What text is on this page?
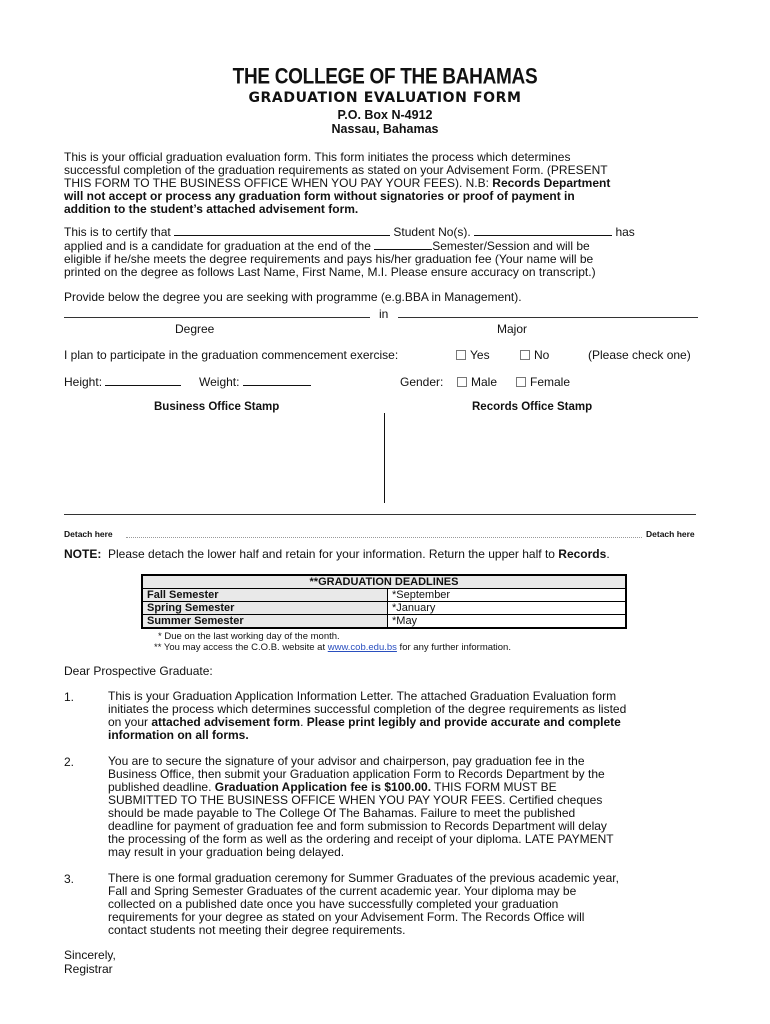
THE COLLEGE OF THE BAHAMAS
GRADUATION EVALUATION FORM
P.O. Box N-4912
Nassau, Bahamas
This is your official graduation evaluation form. This form initiates the process which determines
successful completion of the graduation requirements as stated on your Advisement Form. (PRESENT
THIS FORM TO THE BUSINESS OFFICE WHEN YOU PAY YOUR FEES). N.B: Records Department
will not accept or process any graduation form without signatories or proof of payment in
addition to the student’s attached advisement form.
This is to certify that	Student No(s).	has
applied and is a candidate for graduation at the end of the	Semester/Session and will be
eligible if he/she meets the degree requirements and pays his/her graduation fee (Your name will be
printed on the degree as follows Last Name, First Name, M.I. Please ensure accuracy on transcript.)
Provide below the degree you are seeking with programme (e.g.BBA in Management).
in
Degree	Major
I plan to participate in the graduation commencement exercise:	Yes	No	(Please check one)
Height:	Weight:	Gender:	Male	Female
Business Office Stamp	Records Office Stamp
Detach here	Detach here
NOTE: Please detach the lower half and retain for your information. Return the upper half to Records.
**GRADUATION DEADLINES	
Fall Semester	*September
Spring Semester	*January
Summer Semester	*May
* Due on the last working day of the month.
** You may access the C.O.B. website at www.cob.edu.bs for any further information.
Dear Prospective Graduate:
1.	This is your Graduation Application Information Letter. The attached Graduation Evaluation form
initiates the process which determines successful completion of the degree requirements as listed
on your attached advisement form. Please print legibly and provide accurate and complete
information on all forms.
2.	You are to secure the signature of your advisor and chairperson, pay graduation fee in the
Business Office, then submit your Graduation application Form to Records Department by the
published deadline. Graduation Application fee is $100.00. THIS FORM MUST BE
SUBMITTED TO THE BUSINESS OFFICE WHEN YOU PAY YOUR FEES. Certified cheques
should be made payable to The College Of The Bahamas. Failure to meet the published
deadline for payment of graduation fee and form submission to Records Department will delay
the processing of the form as well as the ordering and receipt of your diploma. LATE PAYMENT
may result in your graduation being delayed.
3.	There is one formal graduation ceremony for Summer Graduates of the previous academic year,
Fall and Spring Semester Graduates of the current academic year. Your diploma may be
collected on a published date once you have successfully completed your graduation
requirements for your degree as stated on your Advisement Form. The Records Office will
contact students not meeting their degree requirements.
Sincerely,
Registrar
